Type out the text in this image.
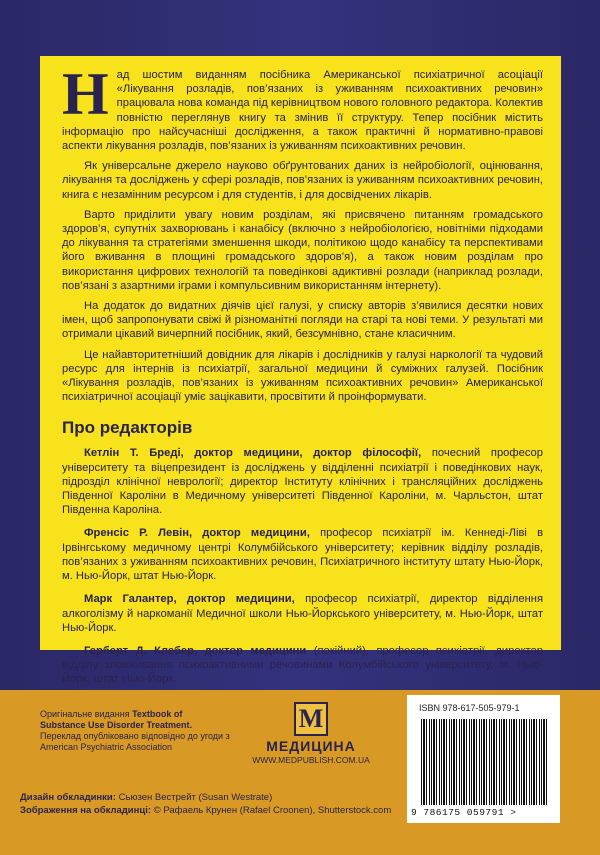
Над шостим виданням посібника Американської психіатричної асоціації «Лікування розладів, пов’язаних із уживанням психоактивних речовин» працювала нова команда під керівництвом нового головного редактора. Колектив повністю переглянув книгу та змінив її структуру. Тепер посібник містить інформацію про найсучасніші дослідження, а також практичні й нормативно-правові аспекти лікування розладів, пов’язаних із уживанням психоактивних речовин.

Як універсальне джерело науково обґрунтованих даних із нейробіології, оцінювання, лікування та досліджень у сфері розладів, пов’язаних із уживанням психоактивних речовин, книга є незамінним ресурсом і для студентів, і для досвідчених лікарів.

Варто приділити увагу новим розділам, які присвячено питанням громадського здоров’я, супутніх захворювань і канабісу (включно з нейробіологією, новітніми підходами до лікування та стратегіями зменшення шкоди, політикою щодо канабісу та перспективами його вживання в площині громадського здоров’я), а також новим розділам про використання цифрових технологій та поведінкові адиктивні розлади (наприклад розлади, пов’язані з азартними іграми і компульсивним використанням інтернету).

На додаток до видатних діячів цієї галузі, у списку авторів з’явилися десятки нових імен, щоб запропонувати свіжі й різноманітні погляди на старі та нові теми. У результаті ми отримали цікавий вичерпний посібник, який, безсумнівно, стане класичним.

Це найавторитетніший довідник для лікарів і дослідників у галузі наркології та чудовий ресурс для інтернів із психіатрії, загальної медицини й суміжних галузей. Посібник «Лікування розладів, пов’язаних із уживанням психоактивних речовин» Американської психіатричної асоціації уміє зацікавити, просвітити й проінформувати.

Про редакторів

Кетлін Т. Бреді, доктор медицини, доктор філософії, почесний професор університету та віцепрезидент із досліджень у відділенні психіатрії і поведінкових наук, підрозділ клінічної неврології; директор Інституту клінічних і трансляційних досліджень Південної Кароліни в Медичному університеті Південної Кароліни, м. Чарльстон, штат Південна Кароліна.

Френсіс Р. Левін, доктор медицини, професор психіатрії ім. Кеннеді-Ліві в Ірвінгському медичному центрі Колумбійського університету; керівник відділу розладів, пов’язаних з уживанням психоактивних речовин, Психіатричного інституту штату Нью-Йорк, м. Нью-Йорк, штат Нью-Йорк.

Марк Галантер, доктор медицини, професор психіатрії, директор відділення алкоголізму й наркоманії Медичної школи Нью-Йоркського університету, м. Нью-Йорк, штат Нью-Йорк.

Герберт Д. Клебер, доктор медицини (покійний), професор психіатрії, директор відділу зловживання психоактивними речовинами Колумбійського університету, м. Нью-Йорк, штат Нью-Йорк.

Оригінальне видання Textbook of Substance Use Disorder Treatment. Переклад опубліковано відповідно до угоди з American Psychiatric Association
М
МЕДИЦИНА
WWW.MEDPUBLISH.COM.UA
ISBN 978-617-505-979-1
9 786175 059791 >
Дизайн обкладинки: Сьюзен Вестрейт (Susan Westrate)
Зображення на обкладинці: © Рафаель Крунен (Rafael Croonen), Shutterstock.com
